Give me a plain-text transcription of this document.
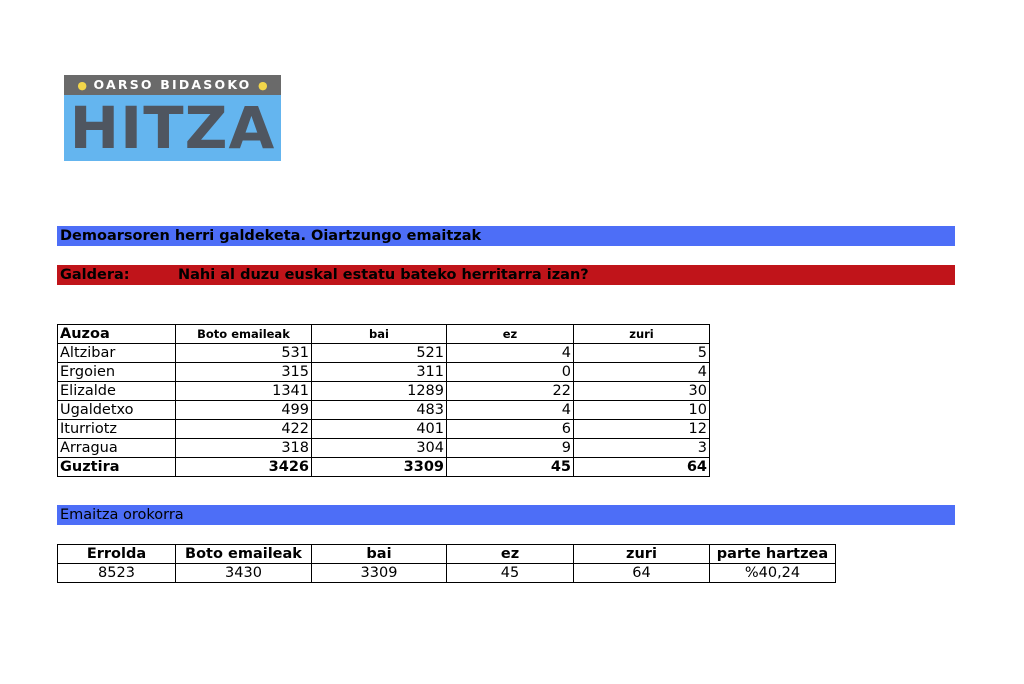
● OARSO BIDASOKO ●
HITZA
Demoarsoren herri galdeketa. Oiartzungo emaitzak
Galdera:	Nahi al duzu euskal estatu bateko herritarra izan?
Auzoa	Boto emaileak	bai	ez	zuri
Altzibar	531	521	4	5
Ergoien	315	311	0	4
Elizalde	1341	1289	22	30
Ugaldetxo	499	483	4	10
Iturriotz	422	401	6	12
Arragua	318	304	9	3
Guztira	3426	3309	45	64
Emaitza orokorra
Errolda	Boto emaileak	bai	ez	zuri	parte hartzea
8523	3430	3309	45	64	%40,24
